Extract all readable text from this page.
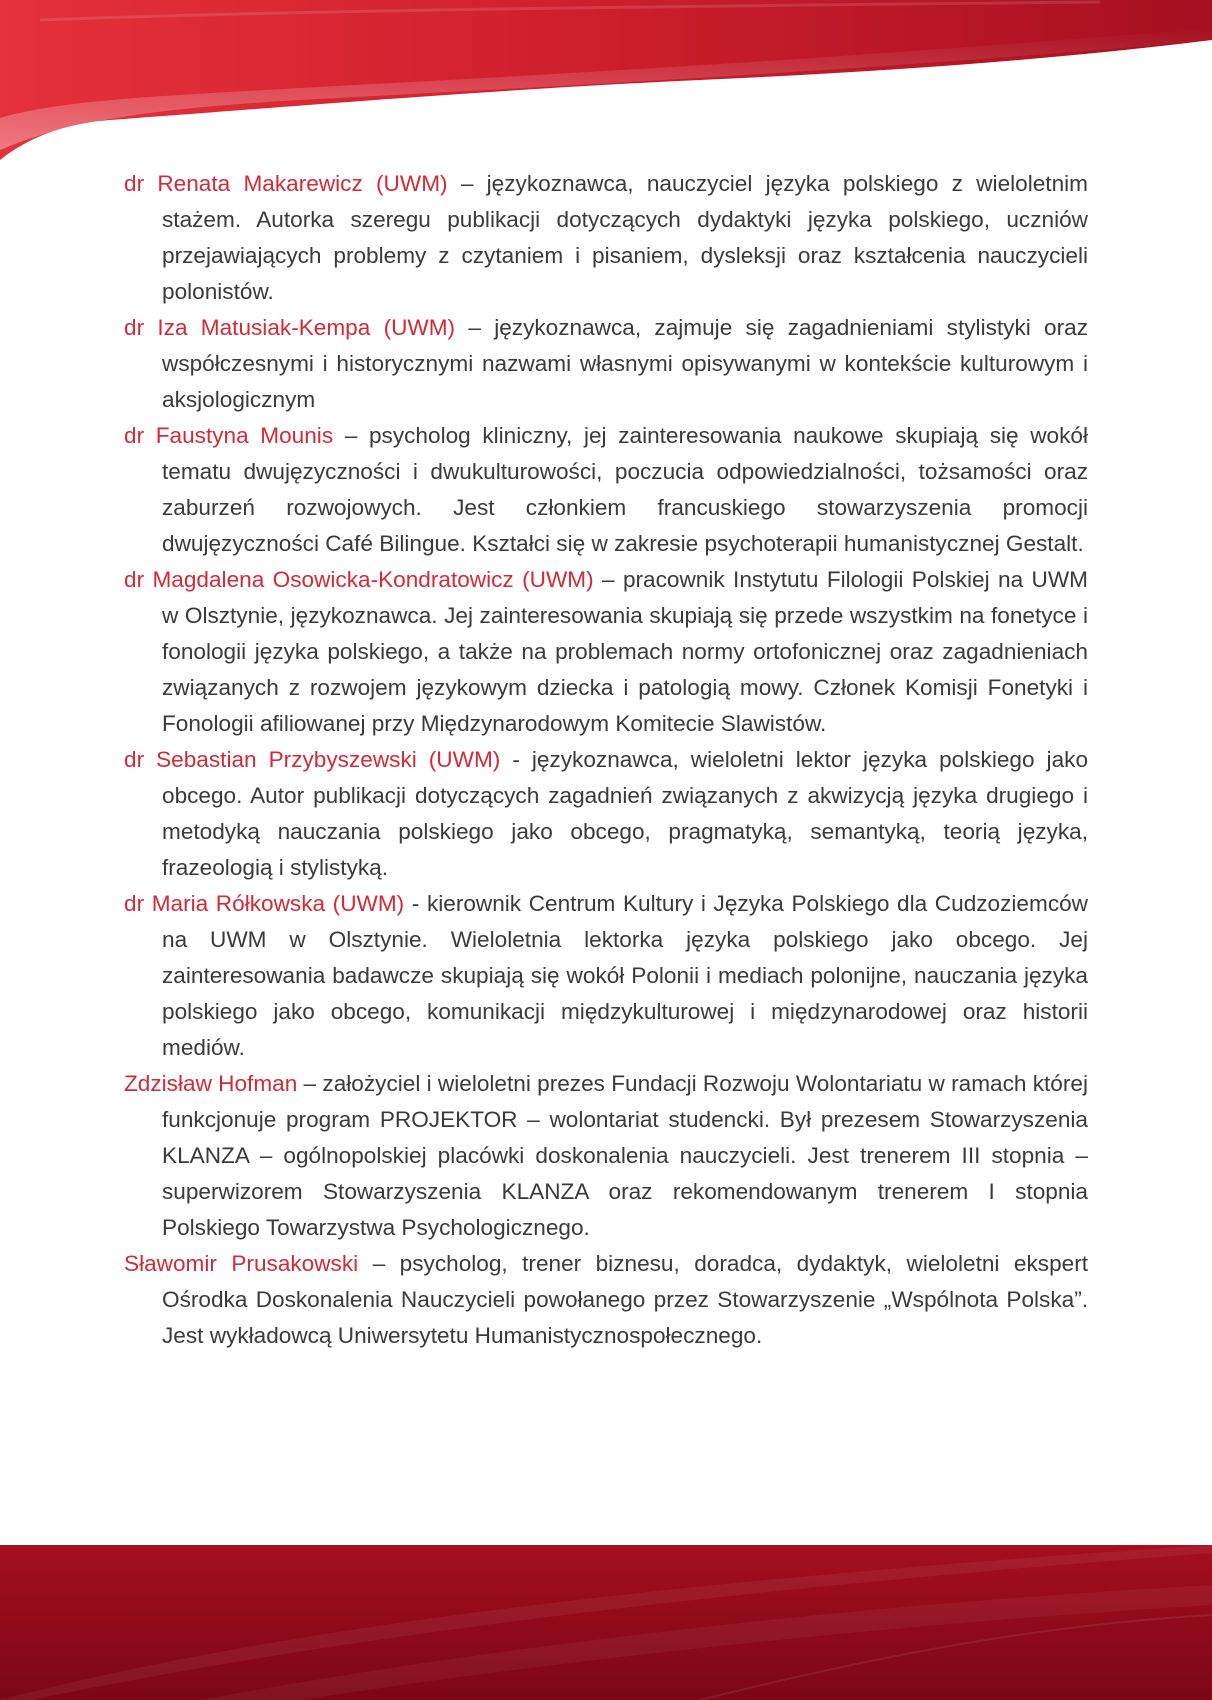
dr Renata Makarewicz (UWM) – językoznawca, nauczyciel języka polskiego z wieloletnim stażem. Autorka szeregu publikacji dotyczących dydaktyki języka polskiego, uczniów przejawiających problemy z czytaniem i pisaniem, dysleksji oraz kształcenia nauczycieli polonistów.

dr Iza Matusiak-Kempa (UWM) – językoznawca, zajmuje się zagadnieniami stylistyki oraz współczesnymi i historycznymi nazwami własnymi opisywanymi w kontekście kulturowym i aksjologicznym

dr Faustyna Mounis – psycholog kliniczny, jej zainteresowania naukowe skupiają się wokół tematu dwujęzyczności i dwukulturowości, poczucia odpowiedzialności, tożsamości oraz zaburzeń rozwojowych. Jest członkiem francuskiego stowarzyszenia promocji dwujęzyczności Café Bilingue. Kształci się w zakresie psychoterapii humanistycznej Gestalt.

dr Magdalena Osowicka-Kondratowicz (UWM) – pracownik Instytutu Filologii Polskiej na UWM w Olsztynie, językoznawca. Jej zainteresowania skupiają się przede wszystkim na fonetyce i fonologii języka polskiego, a także na problemach normy ortofonicznej oraz zagadnieniach związanych z rozwojem językowym dziecka i patologią mowy. Członek Komisji Fonetyki i Fonologii afiliowanej przy Międzynarodowym Komitecie Slawistów.

dr Sebastian Przybyszewski (UWM) - językoznawca, wieloletni lektor języka polskiego jako obcego. Autor publikacji dotyczących zagadnień związanych z akwizycją języka drugiego i metodyką nauczania polskiego jako obcego, pragmatyką, semantyką, teorią języka, frazeologią i stylistyką.

dr Maria Rółkowska (UWM) - kierownik Centrum Kultury i Języka Polskiego dla Cudzoziemców na UWM w Olsztynie. Wieloletnia lektorka języka polskiego jako obcego. Jej zainteresowania badawcze skupiają się wokół Polonii i mediach polonijne, nauczania języka polskiego jako obcego, komunikacji międzykulturowej i międzynarodowej oraz historii mediów.

Zdzisław Hofman – założyciel i wieloletni prezes Fundacji Rozwoju Wolontariatu w ramach której funkcjonuje program PROJEKTOR – wolontariat studencki. Był prezesem Stowarzyszenia KLANZA – ogólnopolskiej placówki doskonalenia nauczycieli. Jest trenerem III stopnia – superwizorem Stowarzyszenia KLANZA oraz rekomendowanym trenerem I stopnia Polskiego Towarzystwa Psychologicznego.

Sławomir Prusakowski – psycholog, trener biznesu, doradca, dydaktyk, wieloletni ekspert Ośrodka Doskonalenia Nauczycieli powołanego przez Stowarzyszenie „Wspólnota Polska”. Jest wykładowcą Uniwersytetu Humanistycznospołecznego.
